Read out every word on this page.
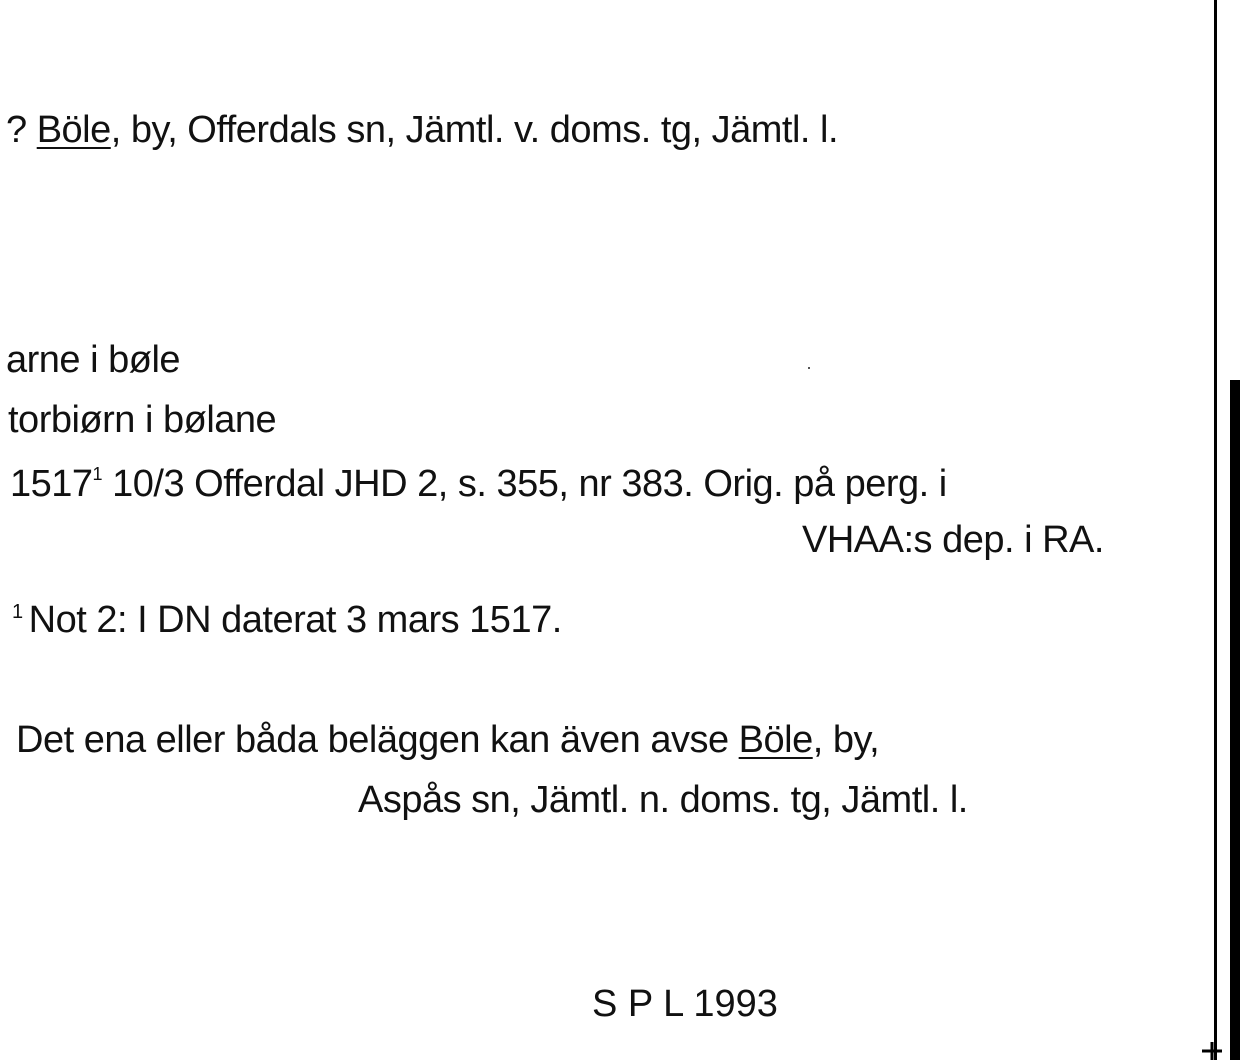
? Böle, by, Offerdals sn, Jämtl. v. doms. tg, Jämtl. l.
arne i bøle
torbiørn i bølane
1517$^1$ 10/3 Offerdal JHD 2, s. 355, nr 383. Orig. på perg. i
VHAA:s dep. i RA.
$^1$ Not 2: I DN daterat 3 mars 1517.
Det ena eller båda beläggen kan även avse Böle, by,
Aspås sn, Jämtl. n. doms. tg, Jämtl. l.
S P L 1993
